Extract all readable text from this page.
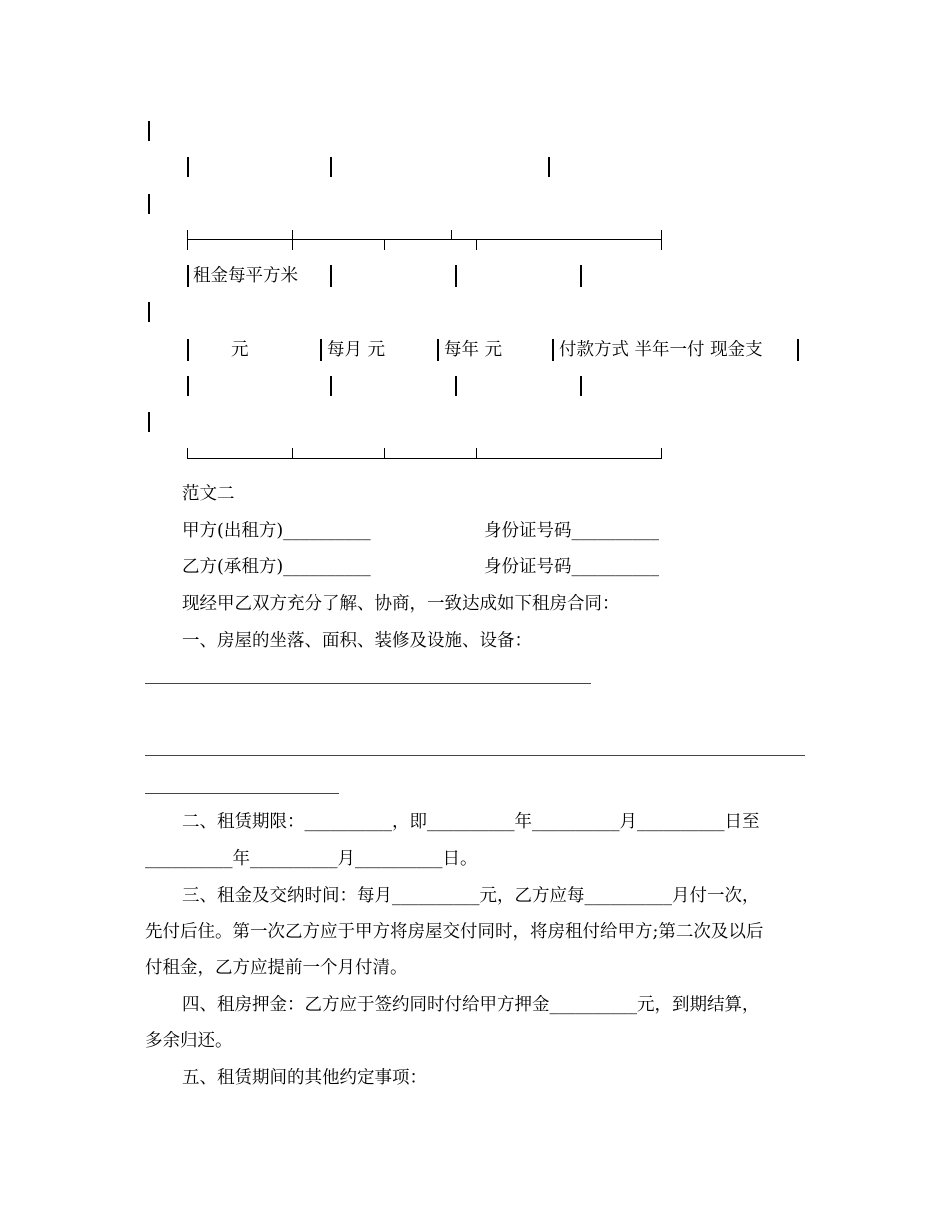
租金每平方米
元	每月 元	每年 元	付款方式 半年一付 现金支
范文二
甲方(出租方)__________	身份证号码__________
乙方(承租方)__________	身份证号码__________
现经甲乙双方充分了解、协商，一致达成如下租房合同：
一、房屋的坐落、面积、装修及设施、设备：
二、租赁期限：__________，即__________年__________月__________日至
__________年__________月__________日。
三、租金及交纳时间：每月__________元，乙方应每__________月付一次，
先付后住。第一次乙方应于甲方将房屋交付同时，将房租付给甲方;第二次及以后
付租金，乙方应提前一个月付清。
四、租房押金：乙方应于签约同时付给甲方押金__________元，到期结算，
多余归还。
五、租赁期间的其他约定事项：
